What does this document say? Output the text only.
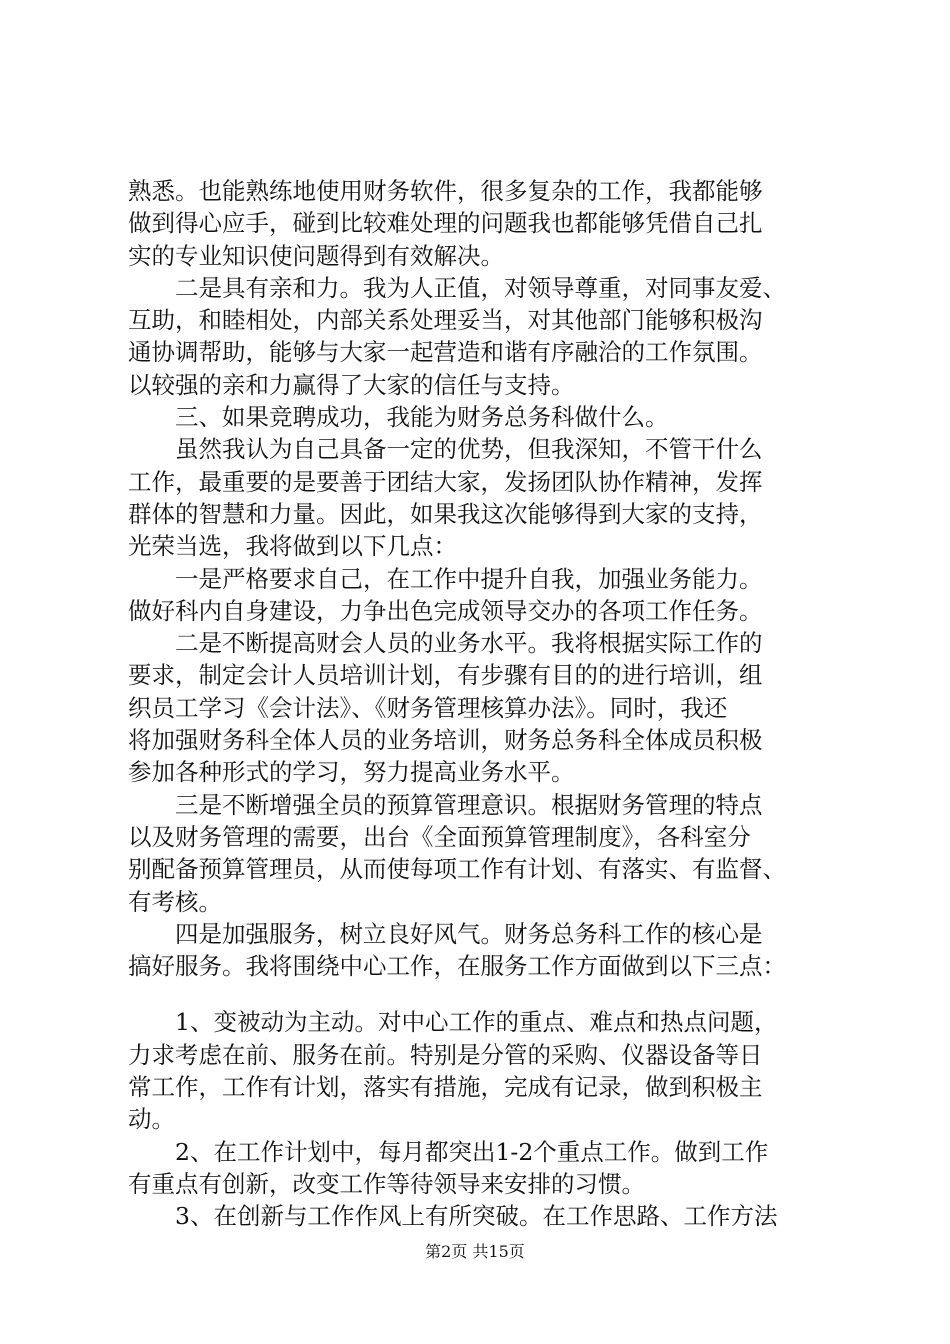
熟悉。也能熟练地使用财务软件，很多复杂的工作，我都能够
做到得心应手，碰到比较难处理的问题我也都能够凭借自己扎
实的专业知识使问题得到有效解决。
　　二是具有亲和力。我为人正值，对领导尊重，对同事友爱、
互助，和睦相处，内部关系处理妥当，对其他部门能够积极沟
通协调帮助，能够与大家一起营造和谐有序融洽的工作氛围。
以较强的亲和力赢得了大家的信任与支持。
　　三、如果竞聘成功，我能为财务总务科做什么。
　　虽然我认为自己具备一定的优势，但我深知，不管干什么
工作，最重要的是要善于团结大家，发扬团队协作精神，发挥
群体的智慧和力量。因此，如果我这次能够得到大家的支持，
光荣当选，我将做到以下几点：
　　一是严格要求自己，在工作中提升自我，加强业务能力。
做好科内自身建设，力争出色完成领导交办的各项工作任务。
　　二是不断提高财会人员的业务水平。我将根据实际工作的
要求，制定会计人员培训计划，有步骤有目的的进行培训，组
织员工学习《会计法》、《财务管理核算办法》。同时，我还
将加强财务科全体人员的业务培训，财务总务科全体成员积极
参加各种形式的学习，努力提高业务水平。
　　三是不断增强全员的预算管理意识。根据财务管理的特点
以及财务管理的需要，出台《全面预算管理制度》，各科室分
别配备预算管理员，从而使每项工作有计划、有落实、有监督、
有考核。
　　四是加强服务，树立良好风气。财务总务科工作的核心是
搞好服务。我将围绕中心工作，在服务工作方面做到以下三点：
　　1、变被动为主动。对中心工作的重点、难点和热点问题，
力求考虑在前、服务在前。特别是分管的采购、仪器设备等日
常工作，工作有计划，落实有措施，完成有记录，做到积极主
动。
　　2、在工作计划中，每月都突出1-2个重点工作。做到工作
有重点有创新，改变工作等待领导来安排的习惯。
　　3、在创新与工作作风上有所突破。在工作思路、工作方法
第2页 共15页
